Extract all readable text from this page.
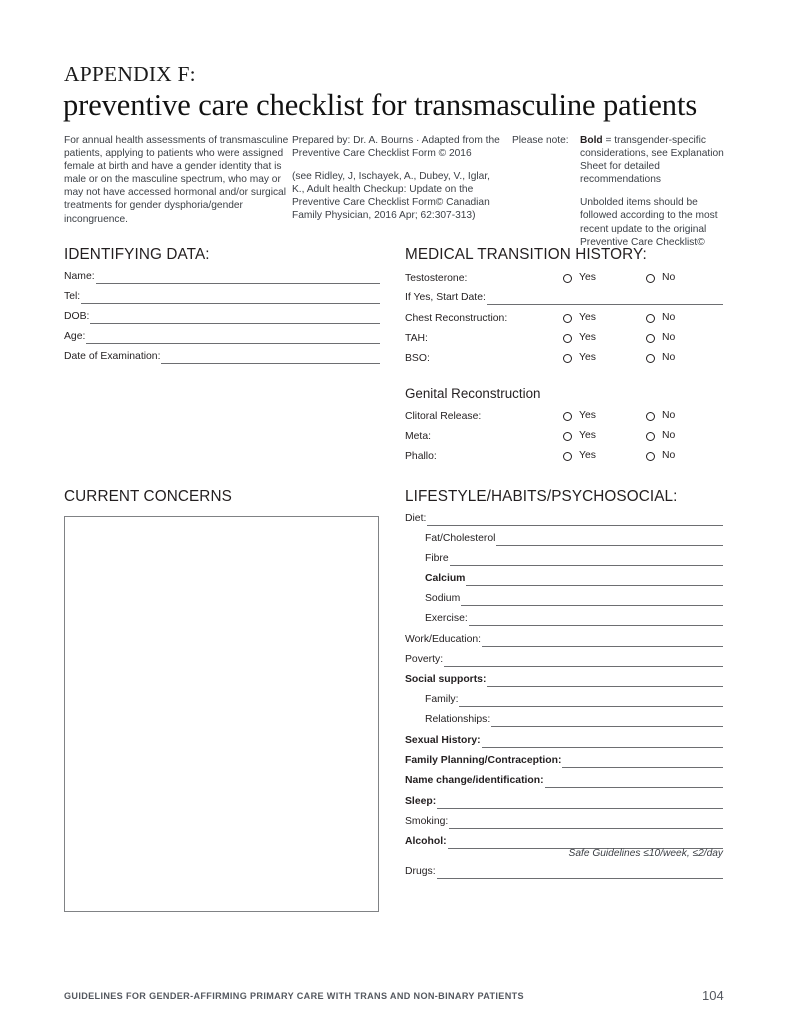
APPENDIX F:
preventive care checklist for transmasculine patients

For annual health assessments of transmasculine patients, applying to patients who were assigned female at birth and have a gender identity that is male or on the masculine spectrum, who may or may not have accessed hormonal and/or surgical treatments for gender dysphoria/gender incongruence.

Prepared by: Dr. A. Bourns · Adapted from the Preventive Care Checklist Form © 2016

(see Ridley, J, Ischayek, A., Dubey, V., Iglar, K., Adult health Checkup: Update on the Preventive Care Checklist Form© Canadian Family Physician, 2016 Apr; 62:307-313)

Please note:	Bold = transgender-specific considerations, see Explanation Sheet for detailed recommendations
Unbolded items should be followed according to the most recent update to the original Preventive Care Checklist©
IDENTIFYING DATA:
Name:
Tel:
DOB:
Age:
Date of Examination:
MEDICAL TRANSITION HISTORY:
Testosterone:	Yes	No
If Yes, Start Date:
Chest Reconstruction:	Yes	No
TAH:	Yes	No
BSO:	Yes	No
Genital Reconstruction
Clitoral Release:	Yes	No
Meta:	Yes	No
Phallo:	Yes	No
CURRENT CONCERNS	LIFESTYLE/HABITS/PSYCHOSOCIAL:
Diet:
Fat/Cholesterol
Fibre
Calcium
Sodium
Exercise:
Work/Education:
Poverty:
Social supports:
Family:
Relationships:
Sexual History:
Family Planning/Contraception:
Name change/identification:
Sleep:
Smoking:
Alcohol:
Safe Guidelines ≤10/week, ≤2/day
Drugs:
GUIDELINES FOR GENDER-AFFIRMING PRIMARY CARE WITH TRANS AND NON-BINARY PATIENTS	104
